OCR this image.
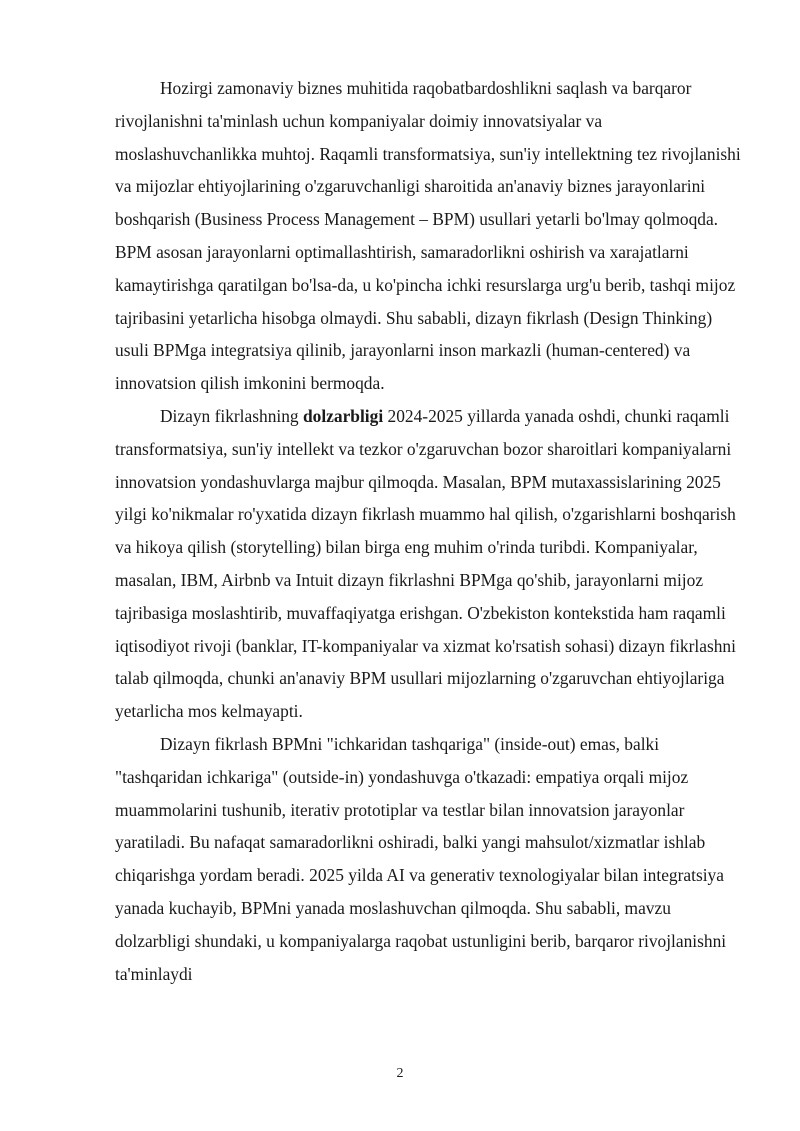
Hozirgi zamonaviy biznes muhitida raqobatbardoshlikni saqlash va barqaror rivojlanishni ta'minlash uchun kompaniyalar doimiy innovatsiyalar va moslashuvchanlikka muhtoj. Raqamli transformatsiya, sun'iy intellektning tez rivojlanishi va mijozlar ehtiyojlarining o'zgaruvchanligi sharoitida an'anaviy biznes jarayonlarini boshqarish (Business Process Management – BPM) usullari yetarli bo'lmay qolmoqda. BPM asosan jarayonlarni optimallashtirish, samaradorlikni oshirish va xarajatlarni kamaytirishga qaratilgan bo'lsa-da, u ko'pincha ichki resurslarga urg'u berib, tashqi mijoz tajribasini yetarlicha hisobga olmaydi. Shu sababli, dizayn fikrlash (Design Thinking) usuli BPMga integratsiya qilinib, jarayonlarni inson markazli (human-centered) va innovatsion qilish imkonini bermoqda.

Dizayn fikrlashning dolzarbligi 2024-2025 yillarda yanada oshdi, chunki raqamli transformatsiya, sun'iy intellekt va tezkor o'zgaruvchan bozor sharoitlari kompaniyalarni innovatsion yondashuvlarga majbur qilmoqda. Masalan, BPM mutaxassislarining 2025 yilgi ko'nikmalar ro'yxatida dizayn fikrlash muammo hal qilish, o'zgarishlarni boshqarish va hikoya qilish (storytelling) bilan birga eng muhim o'rinda turibdi. Kompaniyalar, masalan, IBM, Airbnb va Intuit dizayn fikrlashni BPMga qo'shib, jarayonlarni mijoz tajribasiga moslashtirib, muvaffaqiyatga erishgan. O'zbekiston kontekstida ham raqamli iqtisodiyot rivoji (banklar, IT-kompaniyalar va xizmat ko'rsatish sohasi) dizayn fikrlashni talab qilmoqda, chunki an'anaviy BPM usullari mijozlarning o'zgaruvchan ehtiyojlariga yetarlicha mos kelmayapti.

Dizayn fikrlash BPMni "ichkaridan tashqariga" (inside-out) emas, balki "tashqaridan ichkariga" (outside-in) yondashuvga o'tkazadi: empatiya orqali mijoz muammolarini tushunib, iterativ prototiplar va testlar bilan innovatsion jarayonlar yaratiladi. Bu nafaqat samaradorlikni oshiradi, balki yangi mahsulot/xizmatlar ishlab chiqarishga yordam beradi. 2025 yilda AI va generativ texnologiyalar bilan integratsiya yanada kuchayib, BPMni yanada moslashuvchan qilmoqda. Shu sababli, mavzu dolzarbligi shundaki, u kompaniyalarga raqobat ustunligini berib, barqaror rivojlanishni ta'minlaydi

2
